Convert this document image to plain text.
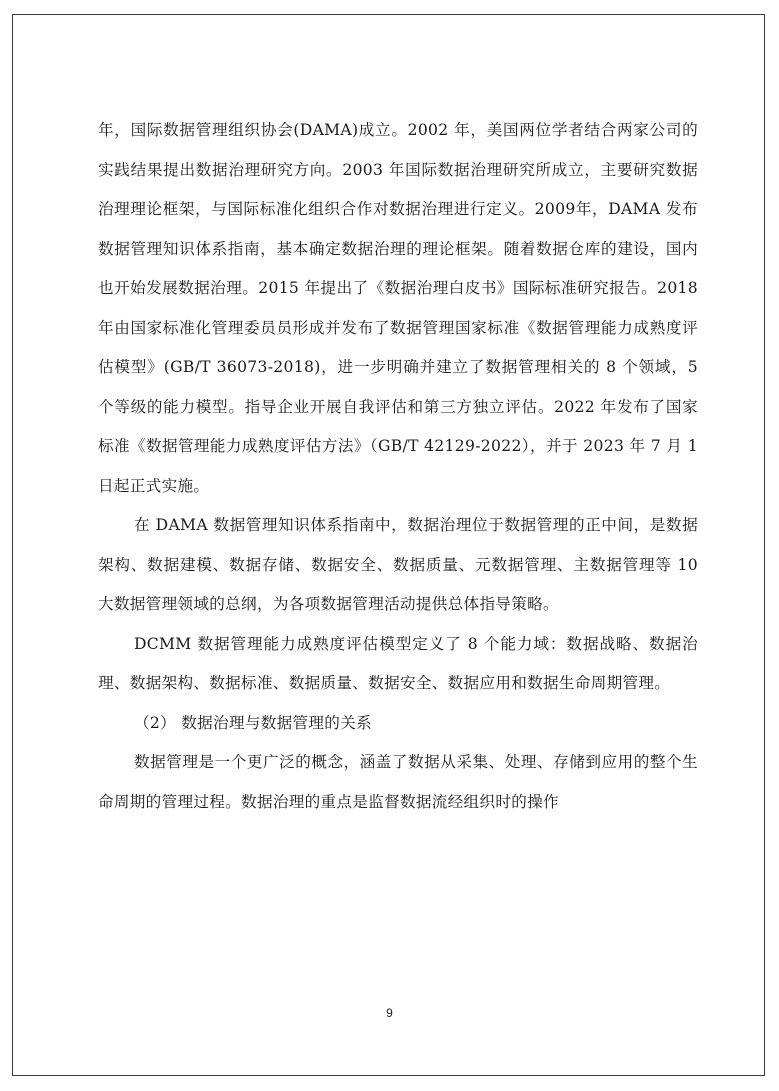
年，国际数据管理组织协会(DAMA)成立。2002 年，美国两位学者结合两家公司的实践结果提出数据治理研究方向。2003 年国际数据治理研究所成立，主要研究数据治理理论框架，与国际标准化组织合作对数据治理进行定义。2009年，DAMA 发布数据管理知识体系指南，基本确定数据治理的理论框架。随着数据仓库的建设，国内也开始发展数据治理。2015 年提出了《数据治理白皮书》国际标准研究报告。2018 年由国家标准化管理委员员形成并发布了数据管理国家标准《数据管理能力成熟度评估模型》(GB/T 36073-2018)，进一步明确并建立了数据管理相关的 8 个领域，5 个等级的能力模型。指导企业开展自我评估和第三方独立评估。2022 年发布了国家标准《数据管理能力成熟度评估方法》（GB/T 42129-2022），并于 2023 年 7 月 1 日起正式实施。

在 DAMA 数据管理知识体系指南中，数据治理位于数据管理的正中间，是数据架构、数据建模、数据存储、数据安全、数据质量、元数据管理、主数据管理等 10 大数据管理领域的总纲，为各项数据管理活动提供总体指导策略。

DCMM 数据管理能力成熟度评估模型定义了 8 个能力域：数据战略、数据治理、数据架构、数据标准、数据质量、数据安全、数据应用和数据生命周期管理。

（2） 数据治理与数据管理的关系

数据管理是一个更广泛的概念，涵盖了数据从采集、处理、存储到应用的整个生命周期的管理过程。数据治理的重点是监督数据流经组织时的操作

9
